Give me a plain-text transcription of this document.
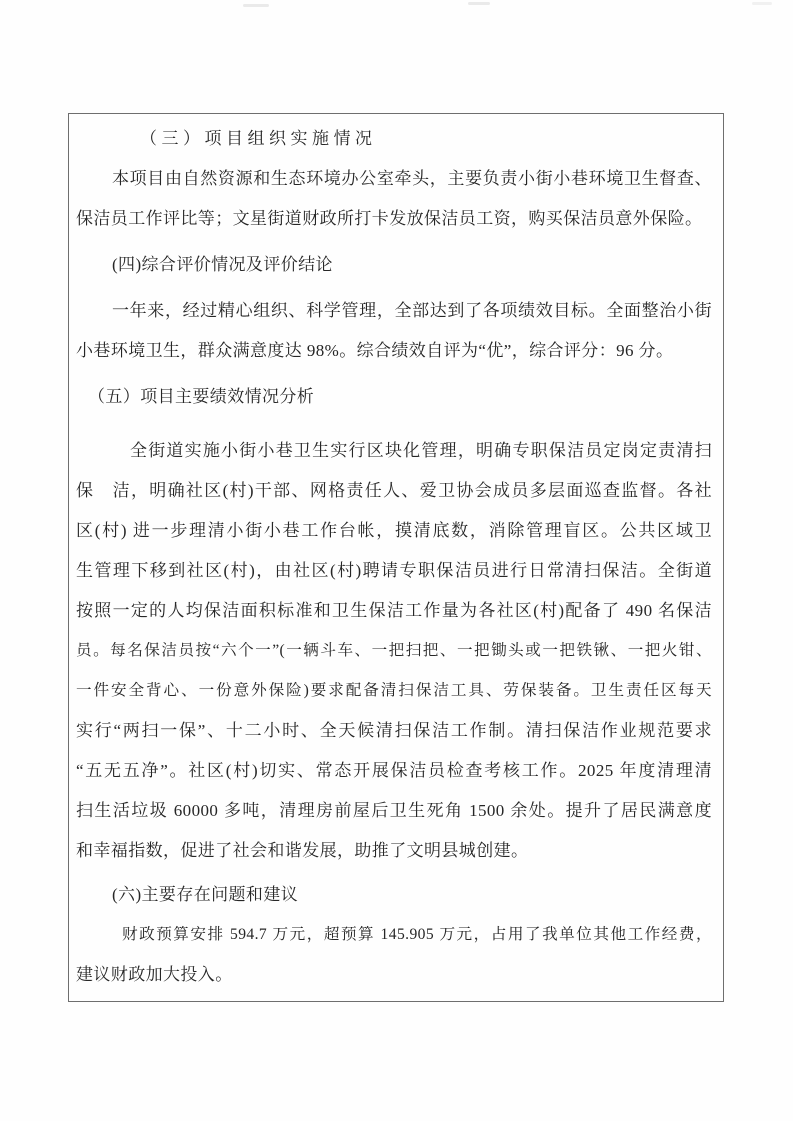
（三）项目组织实施情况
本项目由自然资源和生态环境办公室牵头，主要负责小街小巷环境卫生督查、
保洁员工作评比等；文星街道财政所打卡发放保洁员工资，购买保洁员意外保险。
(四)综合评价情况及评价结论
一年来，经过精心组织、科学管理，全部达到了各项绩效目标。全面整治小街
小巷环境卫生，群众满意度达 98%。综合绩效自评为“优”，综合评分：96 分。
（五）项目主要绩效情况分析
全街道实施小街小巷卫生实行区块化管理，明确专职保洁员定岗定责清扫
保　洁，明确社区(村)干部、网格责任人、爱卫协会成员多层面巡查监督。各社
区(村) 进一步理清小街小巷工作台帐，摸清底数，消除管理盲区。公共区域卫
生管理下移到社区(村)，由社区(村)聘请专职保洁员进行日常清扫保洁。全街道
按照一定的人均保洁面积标准和卫生保洁工作量为各社区(村)配备了 490 名保洁
员。每名保洁员按“六个一”(一辆斗车、一把扫把、一把锄头或一把铁锹、一把火钳、
一件安全背心、一份意外保险)要求配备清扫保洁工具、劳保装备。卫生责任区每天
实行“两扫一保”、十二小时、全天候清扫保洁工作制。清扫保洁作业规范要求
“五无五净”。社区(村)切实、常态开展保洁员检查考核工作。2025 年度清理清
扫生活垃圾 60000 多吨，清理房前屋后卫生死角 1500 余处。提升了居民满意度
和幸福指数，促进了社会和谐发展，助推了文明县城创建。
(六)主要存在问题和建议
财政预算安排 594.7 万元，超预算 145.905 万元，占用了我单位其他工作经费，
建议财政加大投入。
